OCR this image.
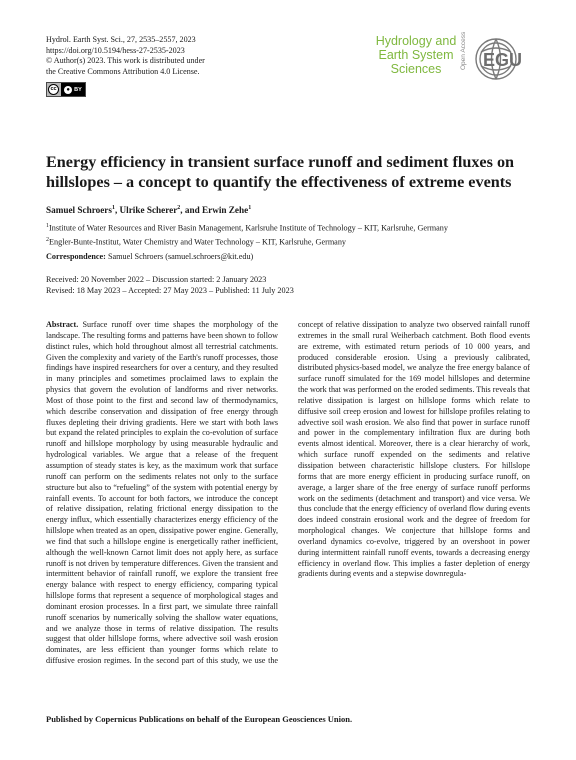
Hydrol. Earth Syst. Sci., 27, 2535–2557, 2023
https://doi.org/10.5194/hess-27-2535-2023
© Author(s) 2023. This work is distributed under
the Creative Commons Attribution 4.0 License.
cc	● BY
Hydrology and
Earth System
Sciences	Open Access EGU
Energy efficiency in transient surface runoff and sediment fluxes on hillslopes – a concept to quantify the effectiveness of extreme events
Samuel Schroers$^1$, Ulrike Scherer$^2$, and Erwin Zehe$^1$
$^1$Institute of Water Resources and River Basin Management, Karlsruhe Institute of Technology – KIT, Karlsruhe, Germany
$^2$Engler-Bunte-Institut, Water Chemistry and Water Technology – KIT, Karlsruhe, Germany
Correspondence: Samuel Schroers (samuel.schroers@kit.edu)
Received: 20 November 2022 – Discussion started: 2 January 2023
Revised: 18 May 2023 – Accepted: 27 May 2023 – Published: 11 July 2023

Abstract. Surface runoff over time shapes the morphology of the landscape. The resulting forms and patterns have been shown to follow distinct rules, which hold throughout almost all terrestrial catchments. Given the complexity and variety of the Earth's runoff processes, those findings have inspired researchers for over a century, and they resulted in many principles and sometimes proclaimed laws to explain the physics that govern the evolution of landforms and river networks. Most of those point to the first and second law of thermodynamics, which describe conservation and dissipation of free energy through fluxes depleting their driving gradients. Here we start with both laws but expand the related principles to explain the co-evolution of surface runoff and hillslope morphology by using measurable hydraulic and hydrological variables. We argue that a release of the frequent assumption of steady states is key, as the maximum work that surface runoff can perform on the sediments relates not only to the surface structure but also to “refueling” of the system with potential energy by rainfall events. To account for both factors, we introduce the concept of relative dissipation, relating frictional energy dissipation to the energy influx, which essentially characterizes energy efficiency of the hillslope when treated as an open, dissipative power engine. Generally, we find that such a hillslope engine is energetically rather inefficient, although the well-known Carnot limit does not apply here, as surface runoff is not driven by temperature differences. Given the transient and intermittent behavior of rainfall runoff, we explore the transient free energy balance with respect to energy efficiency, comparing typical hillslope forms that represent a sequence of morphological stages and dominant erosion processes. In a first part, we simulate three rainfall runoff scenarios by numerically solving the shallow water equations, and we analyze those in terms of relative dissipation. The results suggest that older hillslope forms, where advective soil wash erosion dominates, are less efficient than younger forms which relate to diffusive erosion regimes. In the second part of this study, we use the concept of relative dissipation to analyze two observed rainfall runoff extremes in the small rural Weiherbach catchment. Both flood events are extreme, with estimated return periods of 10 000 years, and produced considerable erosion. Using a previously calibrated, distributed physics-based model, we analyze the free energy balance of surface runoff simulated for the 169 model hillslopes and determine the work that was performed on the eroded sediments. This reveals that relative dissipation is largest on hillslope forms which relate to diffusive soil creep erosion and lowest for hillslope profiles relating to advective soil wash erosion. We also find that power in surface runoff and power in the complementary infiltration flux are during both events almost identical. Moreover, there is a clear hierarchy of work, which surface runoff expended on the sediments and relative dissipation between characteristic hillslope clusters. For hillslope forms that are more energy efficient in producing surface runoff, on average, a larger share of the free energy of surface runoff performs work on the sediments (detachment and transport) and vice versa. We thus conclude that the energy efficiency of overland flow during events does indeed constrain erosional work and the degree of freedom for morphological changes. We conjecture that hillslope forms and overland dynamics co-evolve, triggered by an overshoot in power during intermittent rainfall runoff events, towards a decreasing energy efficiency in overland flow. This implies a faster depletion of energy gradients during events and a stepwise downregula-

Published by Copernicus Publications on behalf of the European Geosciences Union.
